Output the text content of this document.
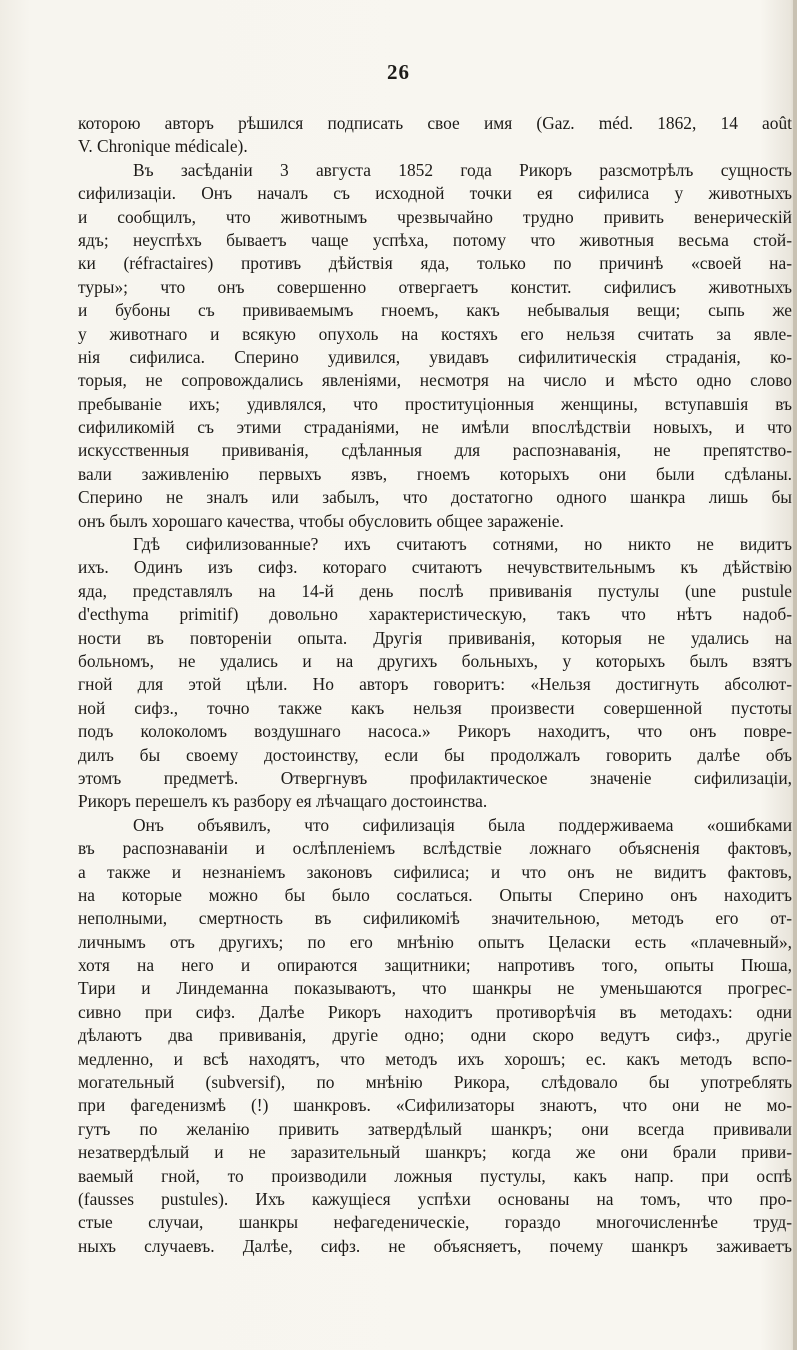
26
которою авторъ рѣшился подписать свое имя (Gaz. méd. 1862, 14 août
V. Chronique médicale).
Въ засѣданіи 3 августа 1852 года Рикоръ разсмотрѣлъ сущность
сифилизаціи. Онъ началъ съ исходной точки ея сифилиса у животныхъ
и сообщилъ, что животнымъ чрезвычайно трудно привить венерическій
ядъ; неуспѣхъ бываетъ чаще успѣха, потому что животныя весьма стой-
ки (réfractaires) противъ дѣйствія яда, только по причинѣ «своей на-
туры»; что онъ совершенно отвергаетъ констит. сифилисъ животныхъ
и бубоны съ прививаемымъ гноемъ, какъ небывалыя вещи; сыпь же
у животнаго и всякую опухоль на костяхъ его нельзя считать за явле-
нія сифилиса. Сперино удивился, увидавъ сифилитическія страданія, ко-
торыя, не сопровождались явленіями, несмотря на число и мѣсто одно слово
пребываніе ихъ; удивлялся, что проституціонныя женщины, вступавшія въ
сифиликомій съ этими страданіями, не имѣли впослѣдствіи новыхъ, и что
искусственныя прививанія, сдѣланныя для распознаванія, не препятство-
вали заживленію первыхъ язвъ, гноемъ которыхъ они были сдѣланы.
Сперино не зналъ или забылъ, что достатогно одного шанкра лишь бы
онъ былъ хорошаго качества, чтобы обусловить общее зараженіе.
Гдѣ сифилизованные? ихъ считаютъ сотнями, но никто не видитъ
ихъ. Одинъ изъ сифз. котораго считаютъ нечувствительнымъ къ дѣйствію
яда, представлялъ на 14-й день послѣ прививанія пустулы (une pustule
d'ecthyma primitif) довольно характеристическую, такъ что нѣтъ надоб-
ности въ повтореніи опыта. Другія прививанія, которыя не удались на
больномъ, не удались и на другихъ больныхъ, у которыхъ былъ взятъ
гной для этой цѣли. Но авторъ говоритъ: «Нельзя достигнуть абсолют-
ной сифз., точно также какъ нельзя произвести совершенной пустоты
подъ колоколомъ воздушнаго насоса.» Рикоръ находитъ, что онъ повре-
дилъ бы своему достоинству, если бы продолжалъ говорить далѣе объ
этомъ предметѣ. Отвергнувъ профилактическое значеніе сифилизаціи,
Рикоръ перешелъ къ разбору ея лѣчащаго достоинства.
Онъ объявилъ, что сифилизація была поддерживаема «ошибками
въ распознаваніи и ослѣпленіемъ вслѣдствіе ложнаго объясненія фактовъ,
а также и незнаніемъ законовъ сифилиса; и что онъ не видитъ фактовъ,
на которые можно бы было сослаться. Опыты Сперино онъ находитъ
неполными, смертность въ сифиликоміѣ значительною, методъ его от-
личнымъ отъ другихъ; по его мнѣнію опытъ Целаски есть «плачевный»,
хотя на него и опираются защитники; напротивъ того, опыты Пюша,
Тири и Линдеманна показываютъ, что шанкры не уменьшаются прогрес-
сивно при сифз. Далѣе Рикоръ находитъ противорѣчія въ методахъ: одни
дѣлаютъ два прививанія, другіе одно; одни скоро ведутъ сифз., другіе
медленно, и всѣ находятъ, что методъ ихъ хорошъ; ес. какъ методъ вспо-
могательный (subversif), по мнѣнію Рикора, слѣдовало бы употреблять
при фагеденизмѣ (!) шанкровъ. «Сифилизаторы знаютъ, что они не мо-
гутъ по желанію привить затвердѣлый шанкръ; они всегда прививали
незатвердѣлый и не заразительный шанкръ; когда же они брали приви-
ваемый гной, то производили ложныя пустулы, какъ напр. при оспѣ
(fausses pustules). Ихъ кажущіеся успѣхи основаны на томъ, что про-
стые случаи, шанкры нефагеденическіе, гораздо многочисленнѣе труд-
ныхъ случаевъ. Далѣе, сифз. не объясняетъ, почему шанкръ заживаетъ
